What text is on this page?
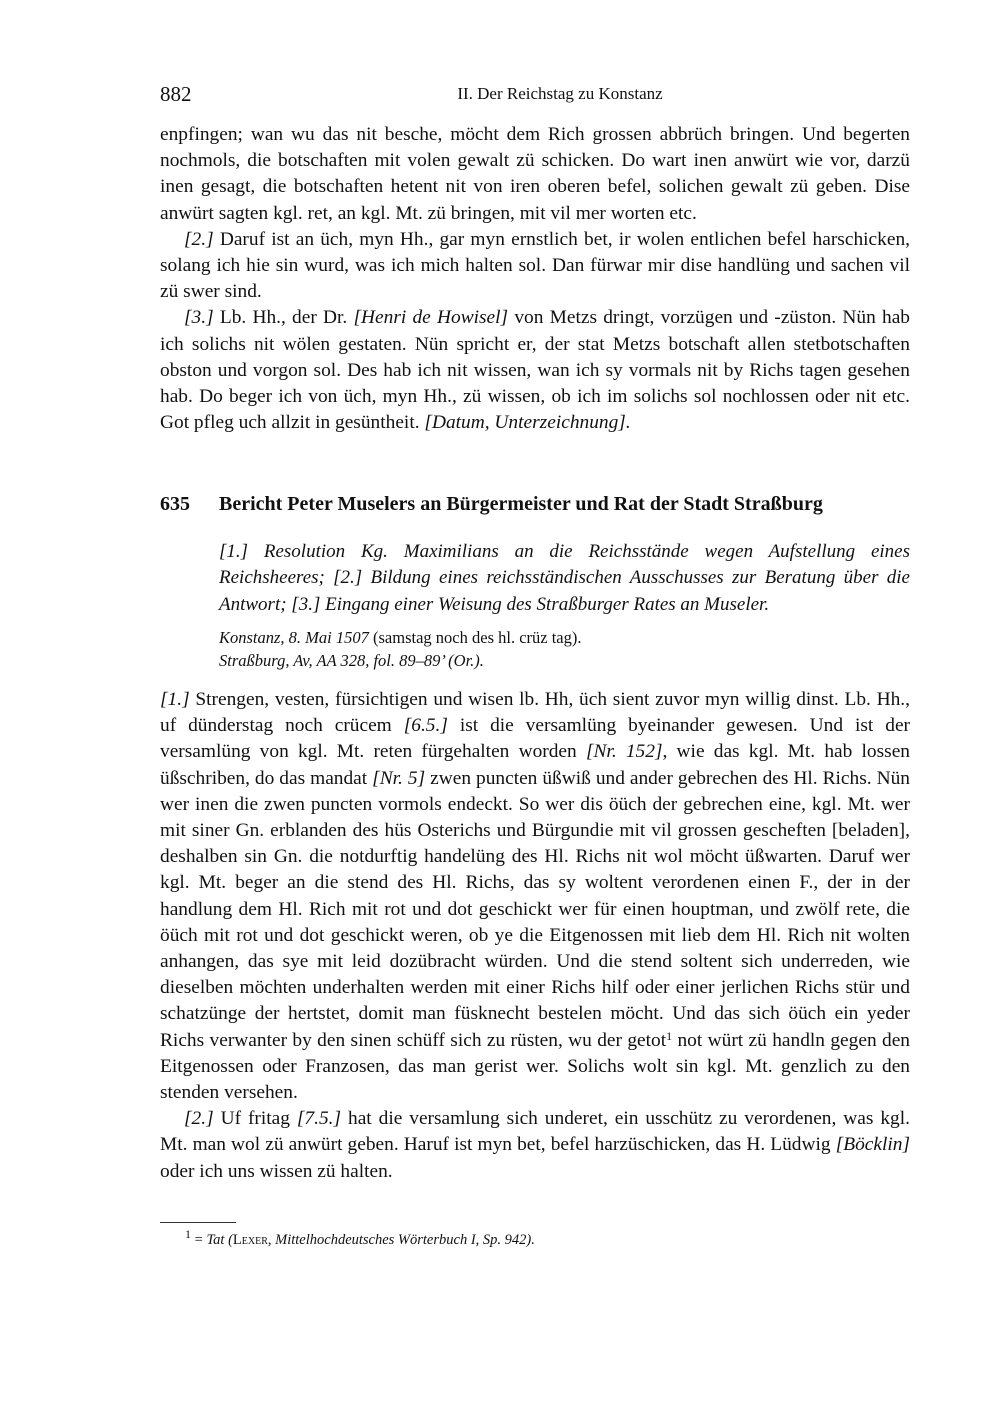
882	II. Der Reichstag zu Konstanz

enpfingen; wan wu das nit besche, möcht dem Rich grossen abbrüch bringen. Und begerten nochmols, die botschaften mit volen gewalt zü schicken. Do wart inen anwürt wie vor, darzü inen gesagt, die botschaften hetent nit von iren oberen befel, solichen gewalt zü geben. Dise anwürt sagten kgl. ret, an kgl. Mt. zü bringen, mit vil mer worten etc.

[2.] Daruf ist an üch, myn Hh., gar myn ernstlich bet, ir wolen entlichen befel harschicken, solang ich hie sin wurd, was ich mich halten sol. Dan fürwar mir dise handlüng und sachen vil zü swer sind.

[3.] Lb. Hh., der Dr. [Henri de Howisel] von Metzs dringt, vorzügen und -züston. Nün hab ich solichs nit wölen gestaten. Nün spricht er, der stat Metzs botschaft allen stetbotschaften obston und vorgon sol. Des hab ich nit wissen, wan ich sy vormals nit by Richs tagen gesehen hab. Do beger ich von üch, myn Hh., zü wissen, ob ich im solichs sol nochlossen oder nit etc. Got pfleg uch allzit in gesüntheit. [Datum, Unterzeichnung].

635 Bericht Peter Muselers an Bürgermeister und Rat der Stadt Straßburg
[1.] Resolution Kg. Maximilians an die Reichsstände wegen Aufstellung eines Reichsheeres; [2.] Bildung eines reichsständischen Ausschusses zur Beratung über die Antwort; [3.] Eingang einer Weisung des Straßburger Rates an Museler.

Konstanz, 8. Mai 1507 (samstag noch des hl. crüz tag).

Straßburg, Av, AA 328, fol. 89–89’ (Or.).

[1.] Strengen, vesten, fürsichtigen und wisen lb. Hh, üch sient zuvor myn willig dinst. Lb. Hh., uf dünderstag noch crücem [6.5.] ist die versamlüng byeinander gewesen. Und ist der versamlüng von kgl. Mt. reten fürgehalten worden [Nr. 152], wie das kgl. Mt. hab lossen üßschriben, do das mandat [Nr. 5] zwen puncten üßwiß und ander gebrechen des Hl. Richs. Nün wer inen die zwen puncten vormols endeckt. So wer dis öüch der gebrechen eine, kgl. Mt. wer mit siner Gn. erblanden des hüs Osterichs und Bürgundie mit vil grossen gescheften [beladen], deshalben sin Gn. die notdurftig handelüng des Hl. Richs nit wol möcht üßwarten. Daruf wer kgl. Mt. beger an die stend des Hl. Richs, das sy woltent verordenen einen F., der in der handlung dem Hl. Rich mit rot und dot geschickt wer für einen houptman, und zwölf rete, die öüch mit rot und dot geschickt weren, ob ye die Eitgenossen mit lieb dem Hl. Rich nit wolten anhangen, das sye mit leid dozübracht würden. Und die stend soltent sich underreden, wie dieselben möchten underhalten werden mit einer Richs hilf oder einer jerlichen Richs stür und schatzünge der hertstet, domit man füsknecht bestelen möcht. Und das sich öüch ein yeder Richs verwanter by den sinen schüff sich zu rüsten, wu der getot$^1$ not würt zü handln gegen den Eitgenossen oder Franzosen, das man gerist wer. Solichs wolt sin kgl. Mt. genzlich zu den stenden versehen.

[2.] Uf fritag [7.5.] hat die versamlung sich underet, ein usschütz zu verordenen, was kgl. Mt. man wol zü anwürt geben. Haruf ist myn bet, befel harzüschicken, das H. Lüdwig [Böcklin] oder ich uns wissen zü halten.

$^1$ = Tat (Lexer, Mittelhochdeutsches Wörterbuch I, Sp. 942).
